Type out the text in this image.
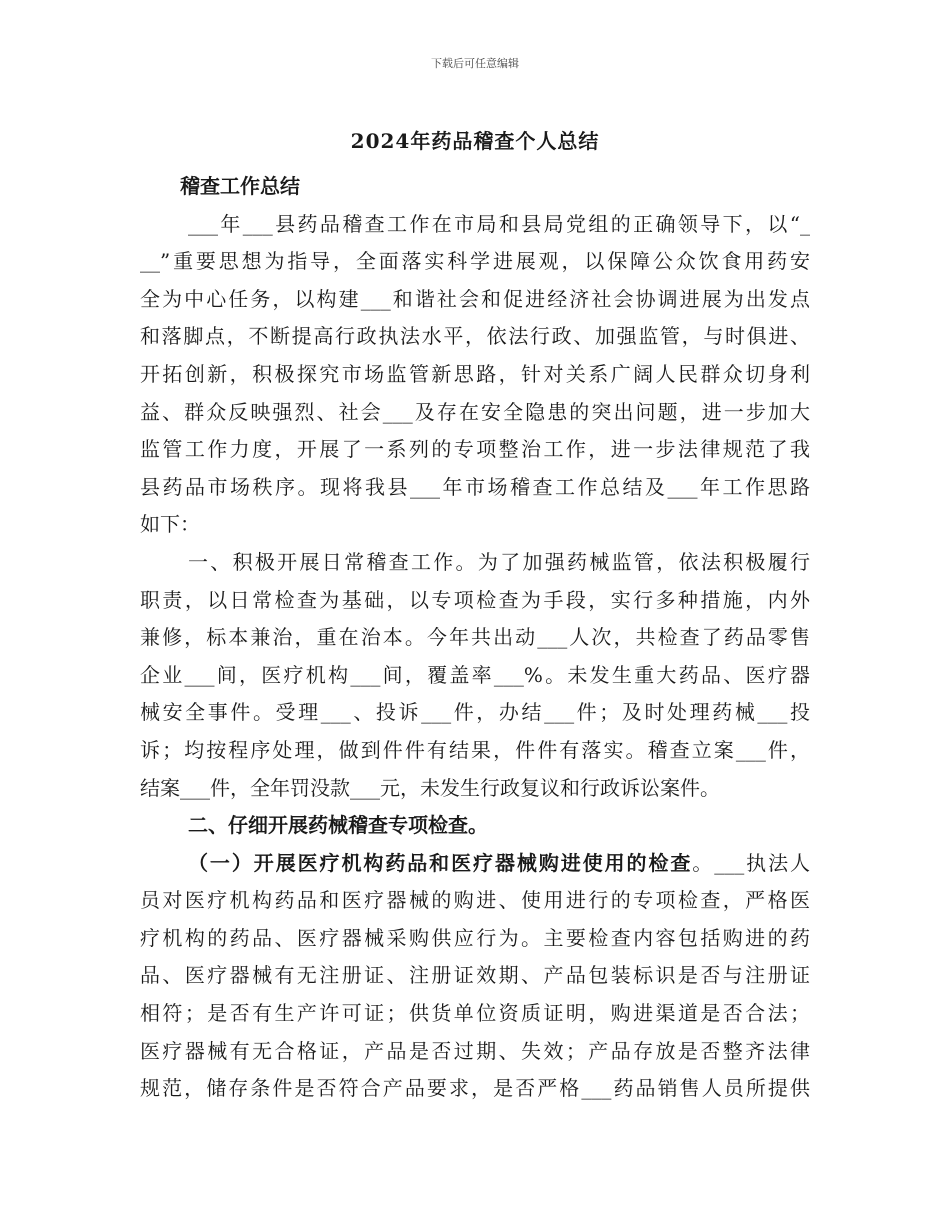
下载后可任意编辑
2024年药品稽查个人总结
稽查工作总结
___年___县药品稽查工作在市局和县局党组的正确领导下，以“_
__”重要思想为指导，全面落实科学进展观，以保障公众饮食用药安
全为中心任务，以构建___和谐社会和促进经济社会协调进展为出发点
和落脚点，不断提高行政执法水平，依法行政、加强监管，与时俱进、
开拓创新，积极探究市场监管新思路，针对关系广阔人民群众切身利
益、群众反映强烈、社会___及存在安全隐患的突出问题，进一步加大
监管工作力度，开展了一系列的专项整治工作，进一步法律规范了我
县药品市场秩序。现将我县___年市场稽查工作总结及___年工作思路
如下：
一、积极开展日常稽查工作。为了加强药械监管，依法积极履行
职责，以日常检查为基础，以专项检查为手段，实行多种措施，内外
兼修，标本兼治，重在治本。今年共出动___人次，共检查了药品零售
企业___间，医疗机构___间，覆盖率___%。未发生重大药品、医疗器
械安全事件。受理___、投诉___件，办结___件；及时处理药械___投
诉；均按程序处理，做到件件有结果，件件有落实。稽查立案___件，
结案___件，全年罚没款___元，未发生行政复议和行政诉讼案件。
二、仔细开展药械稽查专项检查。
（一）开展医疗机构药品和医疗器械购进使用的检查。___执法人
员对医疗机构药品和医疗器械的购进、使用进行的专项检查，严格医
疗机构的药品、医疗器械采购供应行为。主要检查内容包括购进的药
品、医疗器械有无注册证、注册证效期、产品包装标识是否与注册证
相符；是否有生产许可证；供货单位资质证明，购进渠道是否合法；
医疗器械有无合格证，产品是否过期、失效；产品存放是否整齐法律
规范，储存条件是否符合产品要求，是否严格___药品销售人员所提供
